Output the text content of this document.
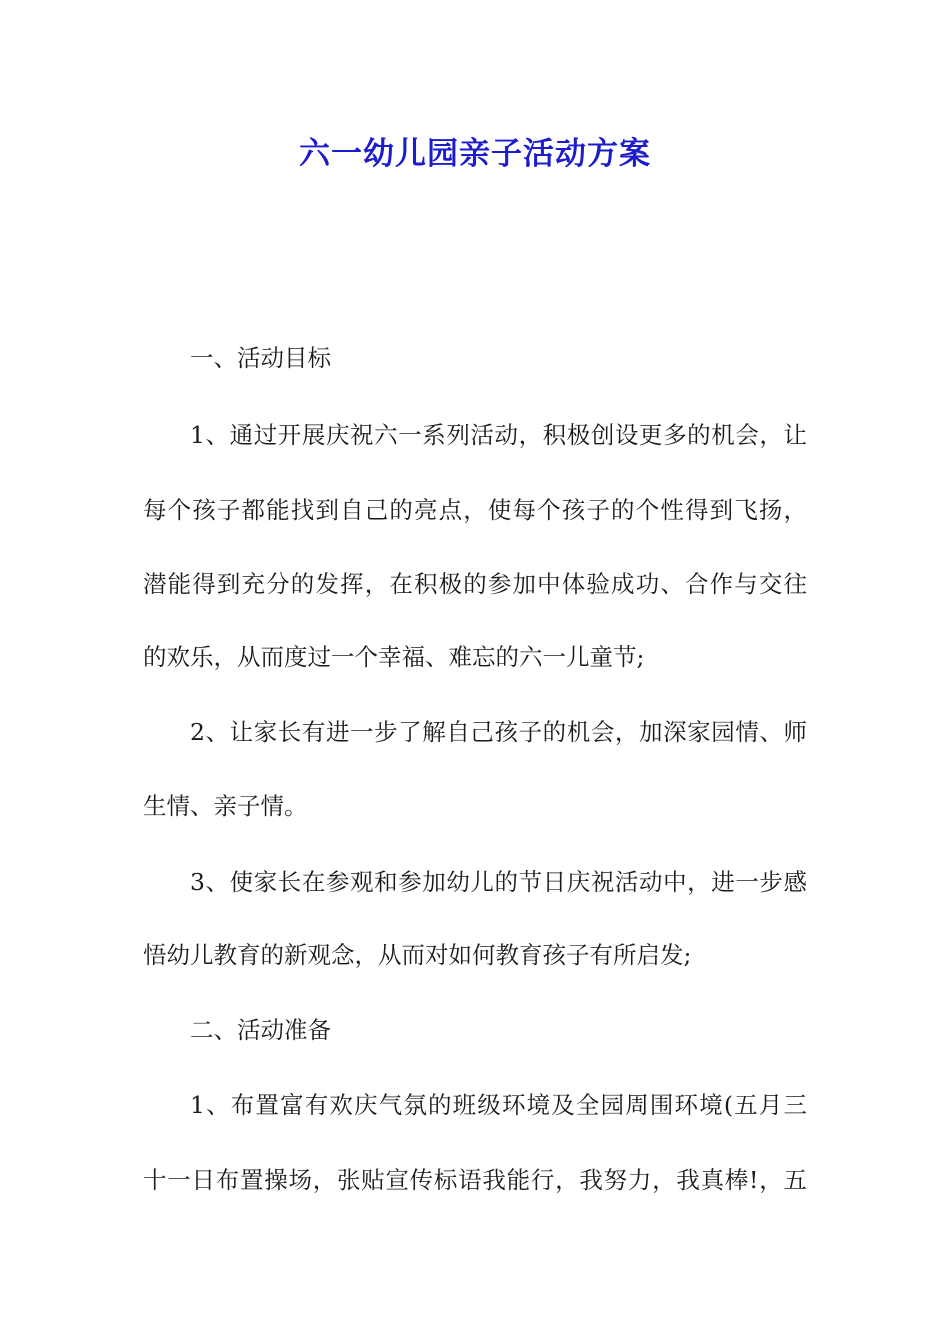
六一幼儿园亲子活动方案
一、活动目标
1、通过开展庆祝六一系列活动，积极创设更多的机会，让
每个孩子都能找到自己的亮点，使每个孩子的个性得到飞扬，
潜能得到充分的发挥，在积极的参加中体验成功、合作与交往
的欢乐，从而度过一个幸福、难忘的六一儿童节;
2、让家长有进一步了解自己孩子的机会，加深家园情、师
生情、亲子情。
3、使家长在参观和参加幼儿的节日庆祝活动中，进一步感
悟幼儿教育的新观念，从而对如何教育孩子有所启发;
二、活动准备
1、布置富有欢庆气氛的班级环境及全园周围环境(五月三
十一日布置操场，张贴宣传标语我能行，我努力，我真棒!，五
